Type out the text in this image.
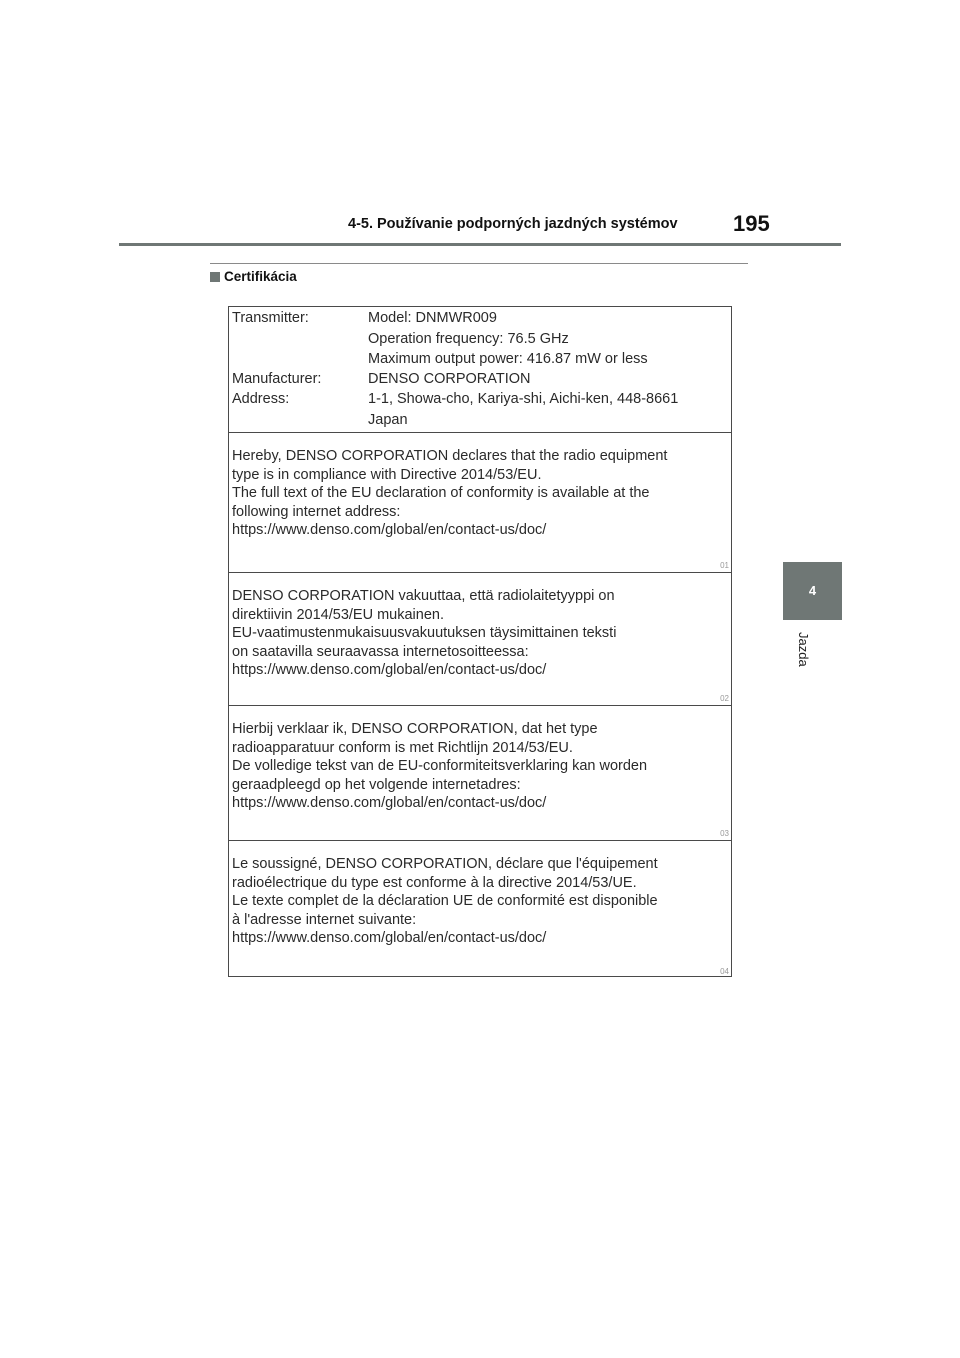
4-5. Používanie podporných jazdných systémov	195
Certifikácia
4
Jazda
Transmitter:	Model: DNMWR009
Operation frequency: 76.5 GHz
Maximum output power: 416.87 mW or less
Manufacturer:	DENSO CORPORATION
Address:	1-1, Showa-cho, Kariya-shi, Aichi-ken, 448-8661
Japan
Hereby, DENSO CORPORATION declares that the radio equipment
type is in compliance with Directive 2014/53/EU.
The full text of the EU declaration of conformity is available at the
following internet address:
https://www.denso.com/global/en/contact-us/doc/
01
DENSO CORPORATION vakuuttaa, että radiolaitetyyppi on
direktiivin 2014/53/EU mukainen.
EU-vaatimustenmukaisuusvakuutuksen täysimittainen teksti
on saatavilla seuraavassa internetosoitteessa:
https://www.denso.com/global/en/contact-us/doc/
02
Hierbij verklaar ik, DENSO CORPORATION, dat het type
radioapparatuur conform is met Richtlijn 2014/53/EU.
De volledige tekst van de EU-conformiteitsverklaring kan worden
geraadpleegd op het volgende internetadres:
https://www.denso.com/global/en/contact-us/doc/
03
Le soussigné, DENSO CORPORATION, déclare que l'équipement
radioélectrique du type est conforme à la directive 2014/53/UE.
Le texte complet de la déclaration UE de conformité est disponible
à l'adresse internet suivante:
https://www.denso.com/global/en/contact-us/doc/
04
